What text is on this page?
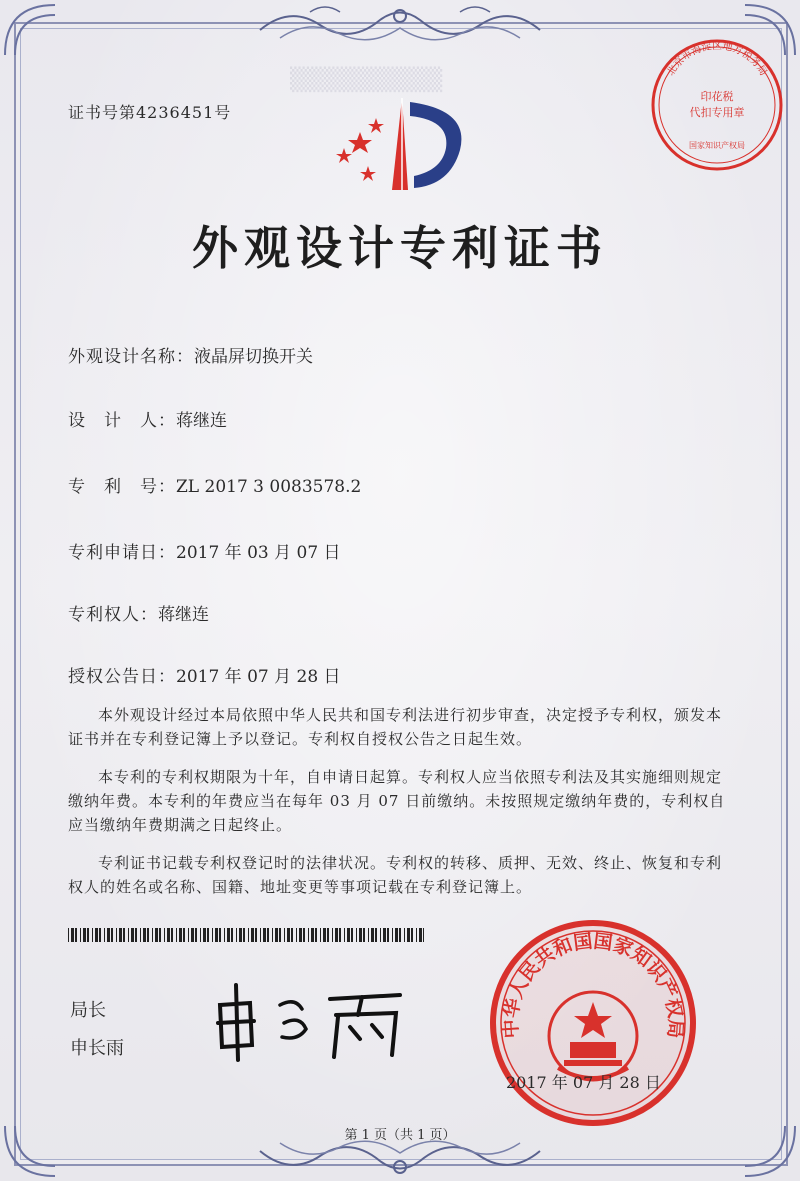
证书号第4236451号
▒▒▒▒▒▒▒▒▒
外观设计专利证书
外观设计名称：液晶屏切换开关
设　计　人：蒋继连
专　利　号：ZL 2017 3 0083578.2
专利申请日：2017 年 03 月 07 日
专利权人：蒋继连
授权公告日：2017 年 07 月 28 日

本外观设计经过本局依照中华人民共和国专利法进行初步审查，决定授予专利权，颁发本证书并在专利登记簿上予以登记。专利权自授权公告之日起生效。

本专利的专利权期限为十年，自申请日起算。专利权人应当依照专利法及其实施细则规定缴纳年费。本专利的年费应当在每年 03 月 07 日前缴纳。未按照规定缴纳年费的，专利权自应当缴纳年费期满之日起终止。

专利证书记载专利权登记时的法律状况。专利权的转移、质押、无效、终止、恢复和专利权人的姓名或名称、国籍、地址变更等事项记载在专利登记簿上。

局长
申长雨
中华人民共和国国家知识产权局
2017 年 07 月 28 日
北京市海淀区地方税务局
印花税
代扣专用章
国家知识产权局
第 1 页（共 1 页）
